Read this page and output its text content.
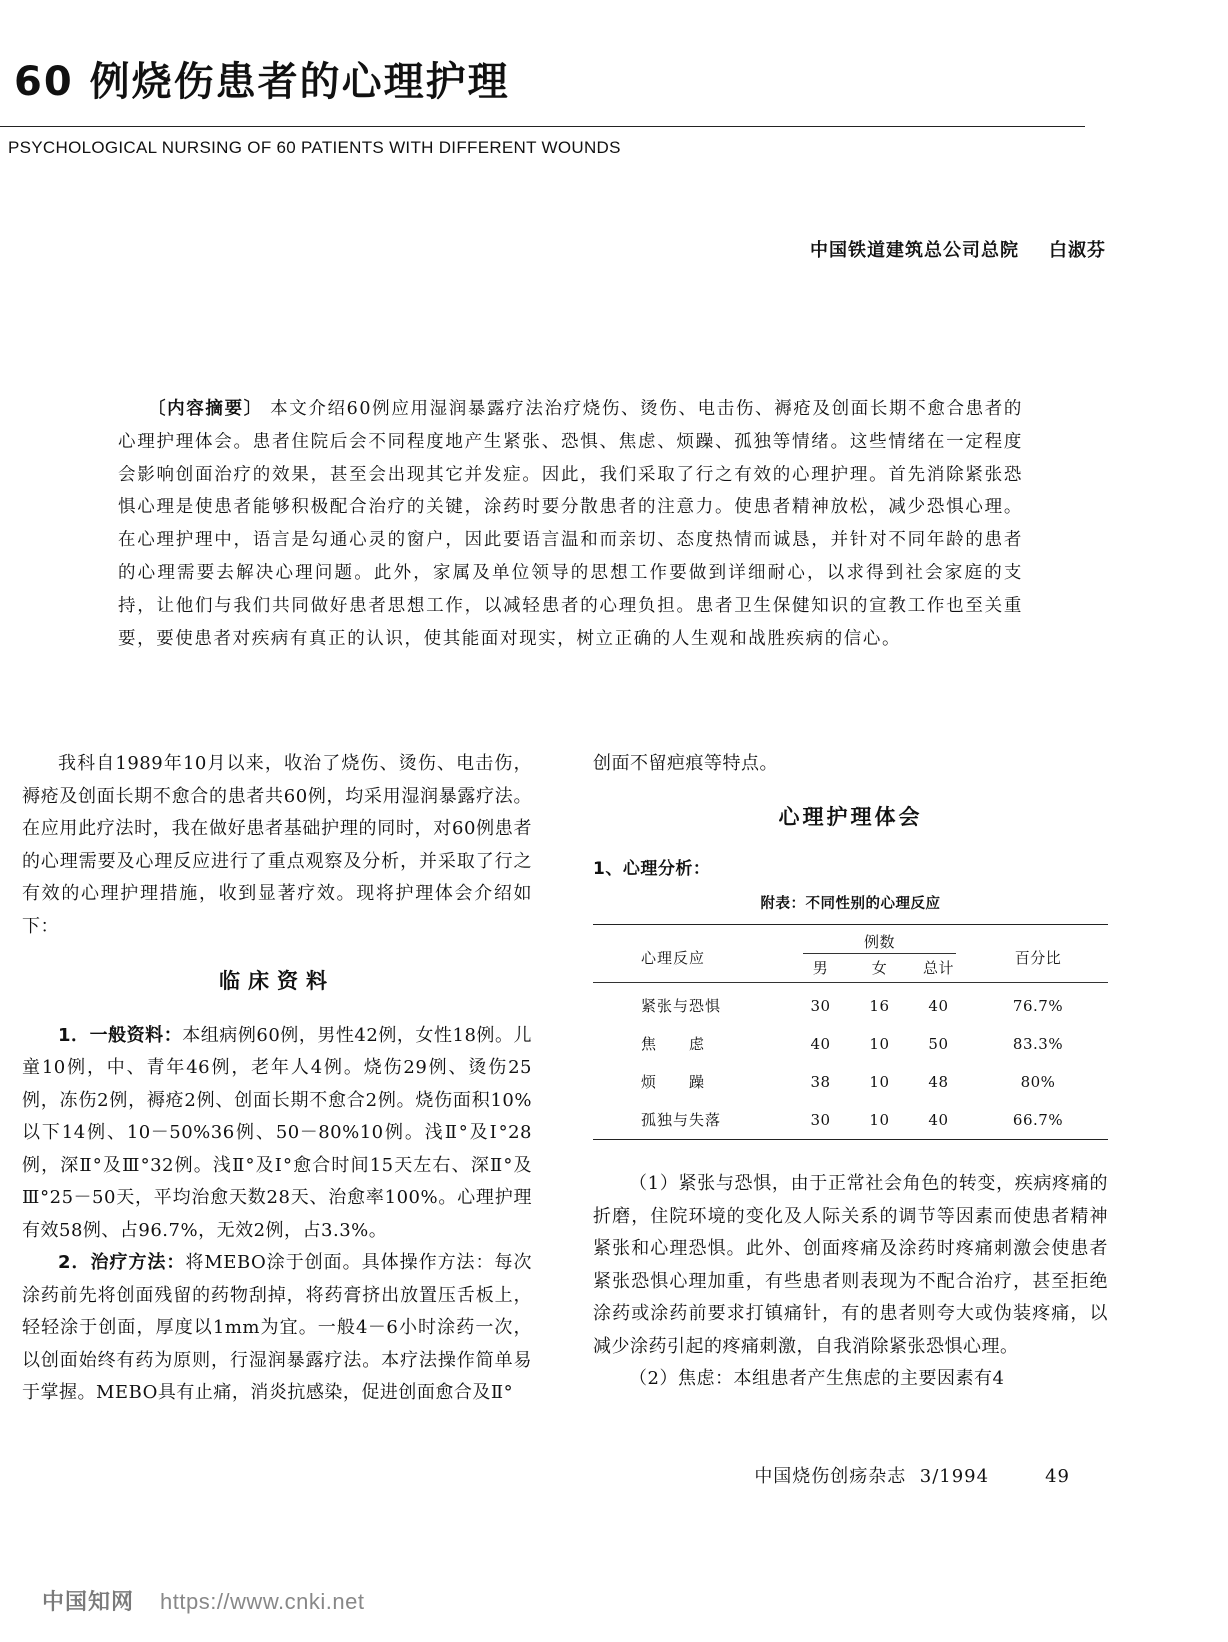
60 例烧伤患者的心理护理
PSYCHOLOGICAL NURSING OF 60 PATIENTS WITH DIFFERENT WOUNDS
中国铁道建筑总公司总院 白淑芬
〔内容摘要〕 本文介绍60例应用湿润暴露疗法治疗烧伤、烫伤、电击伤、褥疮及创面长期不愈合患者的心理护理体会。患者住院后会不同程度地产生紧张、恐惧、焦虑、烦躁、孤独等情绪。这些情绪在一定程度会影响创面治疗的效果，甚至会出现其它并发症。因此，我们采取了行之有效的心理护理。首先消除紧张恐惧心理是使患者能够积极配合治疗的关键，涂药时要分散患者的注意力。使患者精神放松，减少恐惧心理。在心理护理中，语言是勾通心灵的窗户，因此要语言温和而亲切、态度热情而诚恳，并针对不同年龄的患者的心理需要去解决心理问题。此外，家属及单位领导的思想工作要做到详细耐心，以求得到社会家庭的支持，让他们与我们共同做好患者思想工作，以减轻患者的心理负担。患者卫生保健知识的宣教工作也至关重要，要使患者对疾病有真正的认识，使其能面对现实，树立正确的人生观和战胜疾病的信心。

我科自1989年10月以来，收治了烧伤、烫伤、电击伤，褥疮及创面长期不愈合的患者共60例，均采用湿润暴露疗法。在应用此疗法时，我在做好患者基础护理的同时，对60例患者的心理需要及心理反应进行了重点观察及分析，并采取了行之有效的心理护理措施，收到显著疗效。现将护理体会介绍如下：

临床资料

1．一般资料：本组病例60例，男性42例，女性18例。儿童10例，中、青年46例，老年人4例。烧伤29例、烫伤25例，冻伤2例，褥疮2例、创面长期不愈合2例。烧伤面积10%以下14例、10－50%36例、50－80%10例。浅Ⅱ°及Ⅰ°28例，深Ⅱ°及Ⅲ°32例。浅Ⅱ°及Ⅰ°愈合时间15天左右、深Ⅱ°及Ⅲ°25－50天，平均治愈天数28天、治愈率100%。心理护理有效58例、占96.7%，无效2例，占3.3%。

2．治疗方法：将MEBO涂于创面。具体操作方法：每次涂药前先将创面残留的药物刮掉，将药膏挤出放置压舌板上，轻轻涂于创面，厚度以1mm为宜。一般4－6小时涂药一次，以创面始终有药为原则，行湿润暴露疗法。本疗法操作简单易于掌握。MEBO具有止痛，消炎抗感染，促进创面愈合及Ⅱ°

创面不留疤痕等特点。

心理护理体会

1、心理分析：

附表：不同性别的心理反应
心理反应	例数
男 女 总计			百分比

紧张与恐惧	30	16	40	76.7%
焦　　虑	40	10	50	83.3%
烦　　躁	38	10	48	80%
孤独与失落	30	10	40	66.7%

（1）紧张与恐惧，由于正常社会角色的转变，疾病疼痛的折磨，住院环境的变化及人际关系的调节等因素而使患者精神紧张和心理恐惧。此外、创面疼痛及涂药时疼痛刺激会使患者紧张恐惧心理加重，有些患者则表现为不配合治疗，甚至拒绝涂药或涂药前要求打镇痛针，有的患者则夸大或伪装疼痛，以减少涂药引起的疼痛刺激，自我消除紧张恐惧心理。

（2）焦虑：本组患者产生焦虑的主要因素有4

中国烧伤创疡杂志 3/1994	49
中国知网 https://www.cnki.net
